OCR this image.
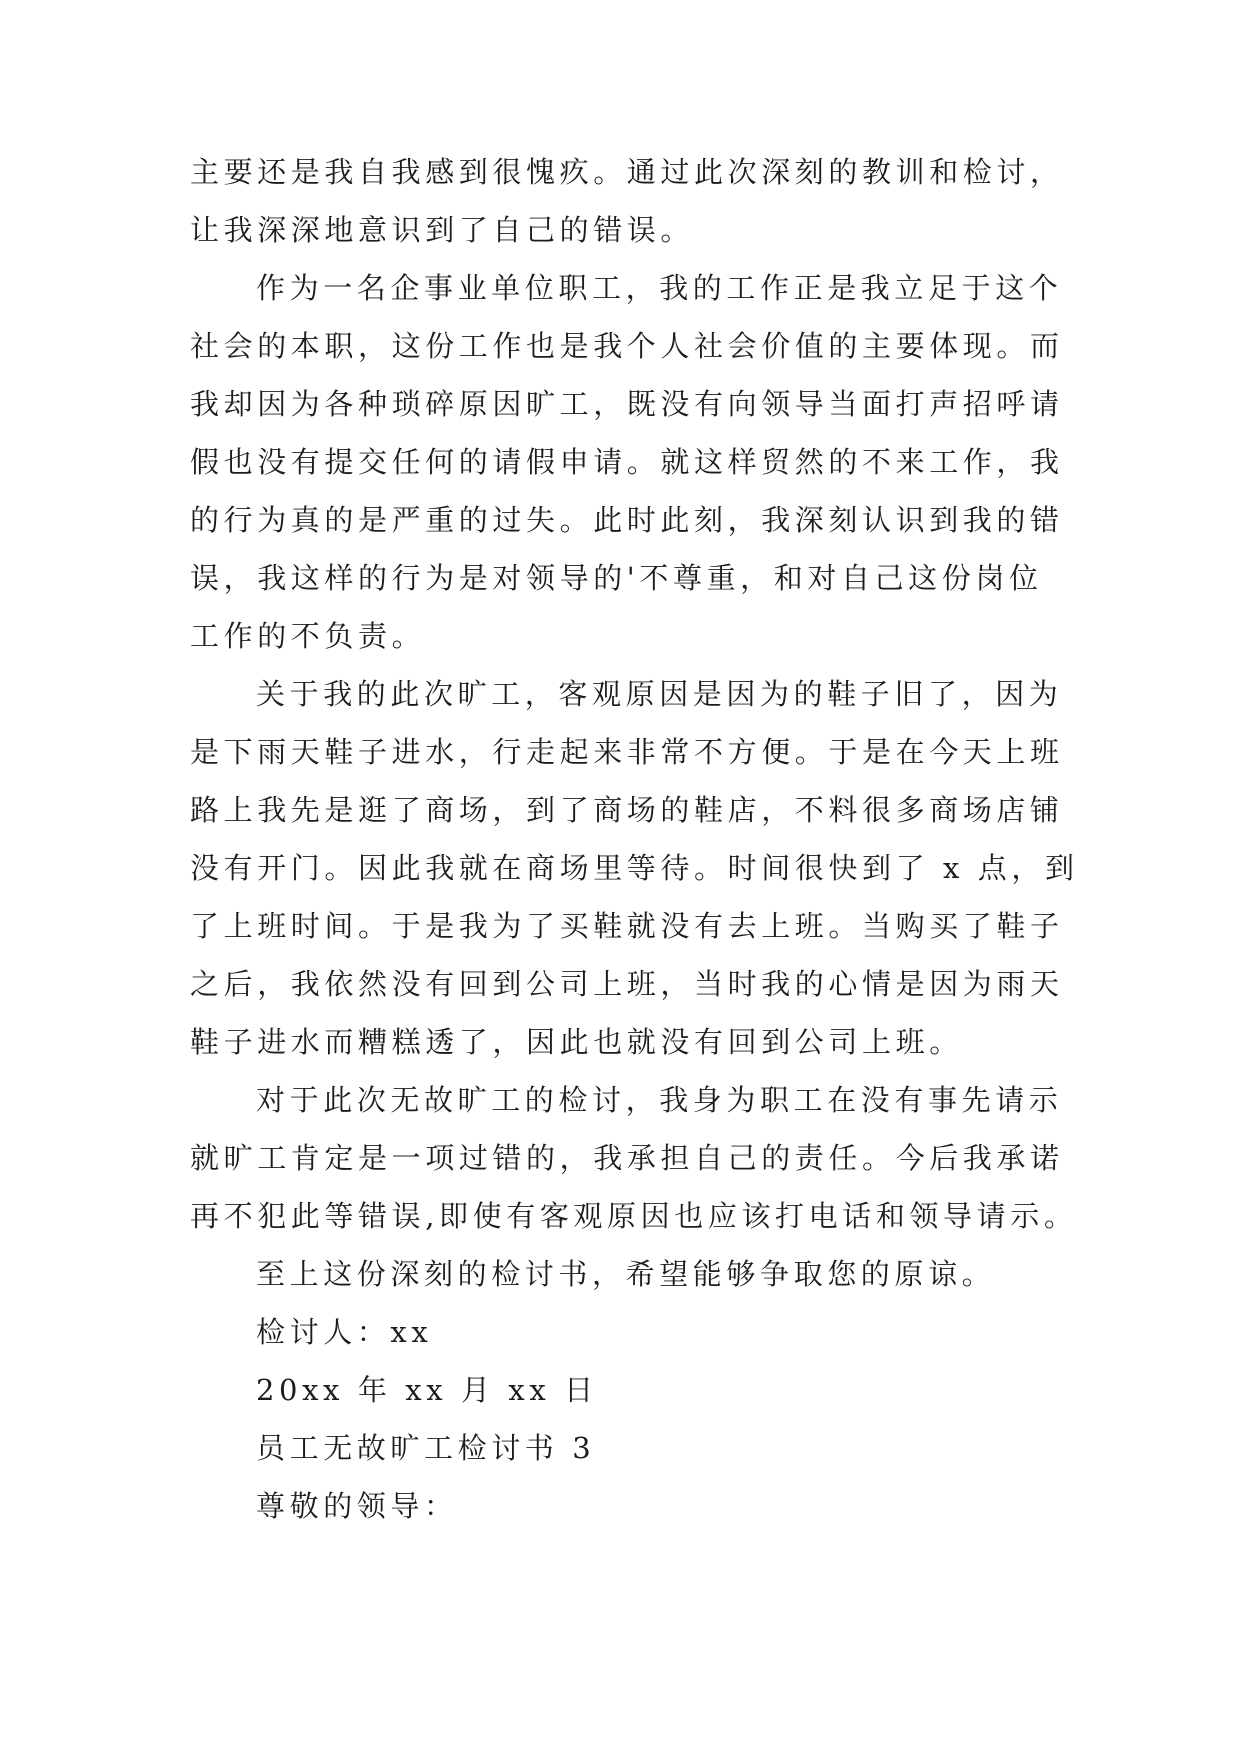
主要还是我自我感到很愧疚。通过此次深刻的教训和检讨，
让我深深地意识到了自己的错误。
作为一名企事业单位职工，我的工作正是我立足于这个
社会的本职，这份工作也是我个人社会价值的主要体现。而
我却因为各种琐碎原因旷工，既没有向领导当面打声招呼请
假也没有提交任何的请假申请。就这样贸然的不来工作，我
的行为真的是严重的过失。此时此刻，我深刻认识到我的错
误，我这样的行为是对领导的'不尊重，和对自己这份岗位
工作的不负责。
关于我的此次旷工，客观原因是因为的鞋子旧了，因为
是下雨天鞋子进水，行走起来非常不方便。于是在今天上班
路上我先是逛了商场，到了商场的鞋店，不料很多商场店铺
没有开门。因此我就在商场里等待。时间很快到了 x 点，到
了上班时间。于是我为了买鞋就没有去上班。当购买了鞋子
之后，我依然没有回到公司上班，当时我的心情是因为雨天
鞋子进水而糟糕透了，因此也就没有回到公司上班。
对于此次无故旷工的检讨，我身为职工在没有事先请示
就旷工肯定是一项过错的，我承担自己的责任。今后我承诺
再不犯此等错误,即使有客观原因也应该打电话和领导请示。
至上这份深刻的检讨书，希望能够争取您的原谅。
检讨人：xx
20xx 年 xx 月 xx 日
员工无故旷工检讨书 3
尊敬的领导：
